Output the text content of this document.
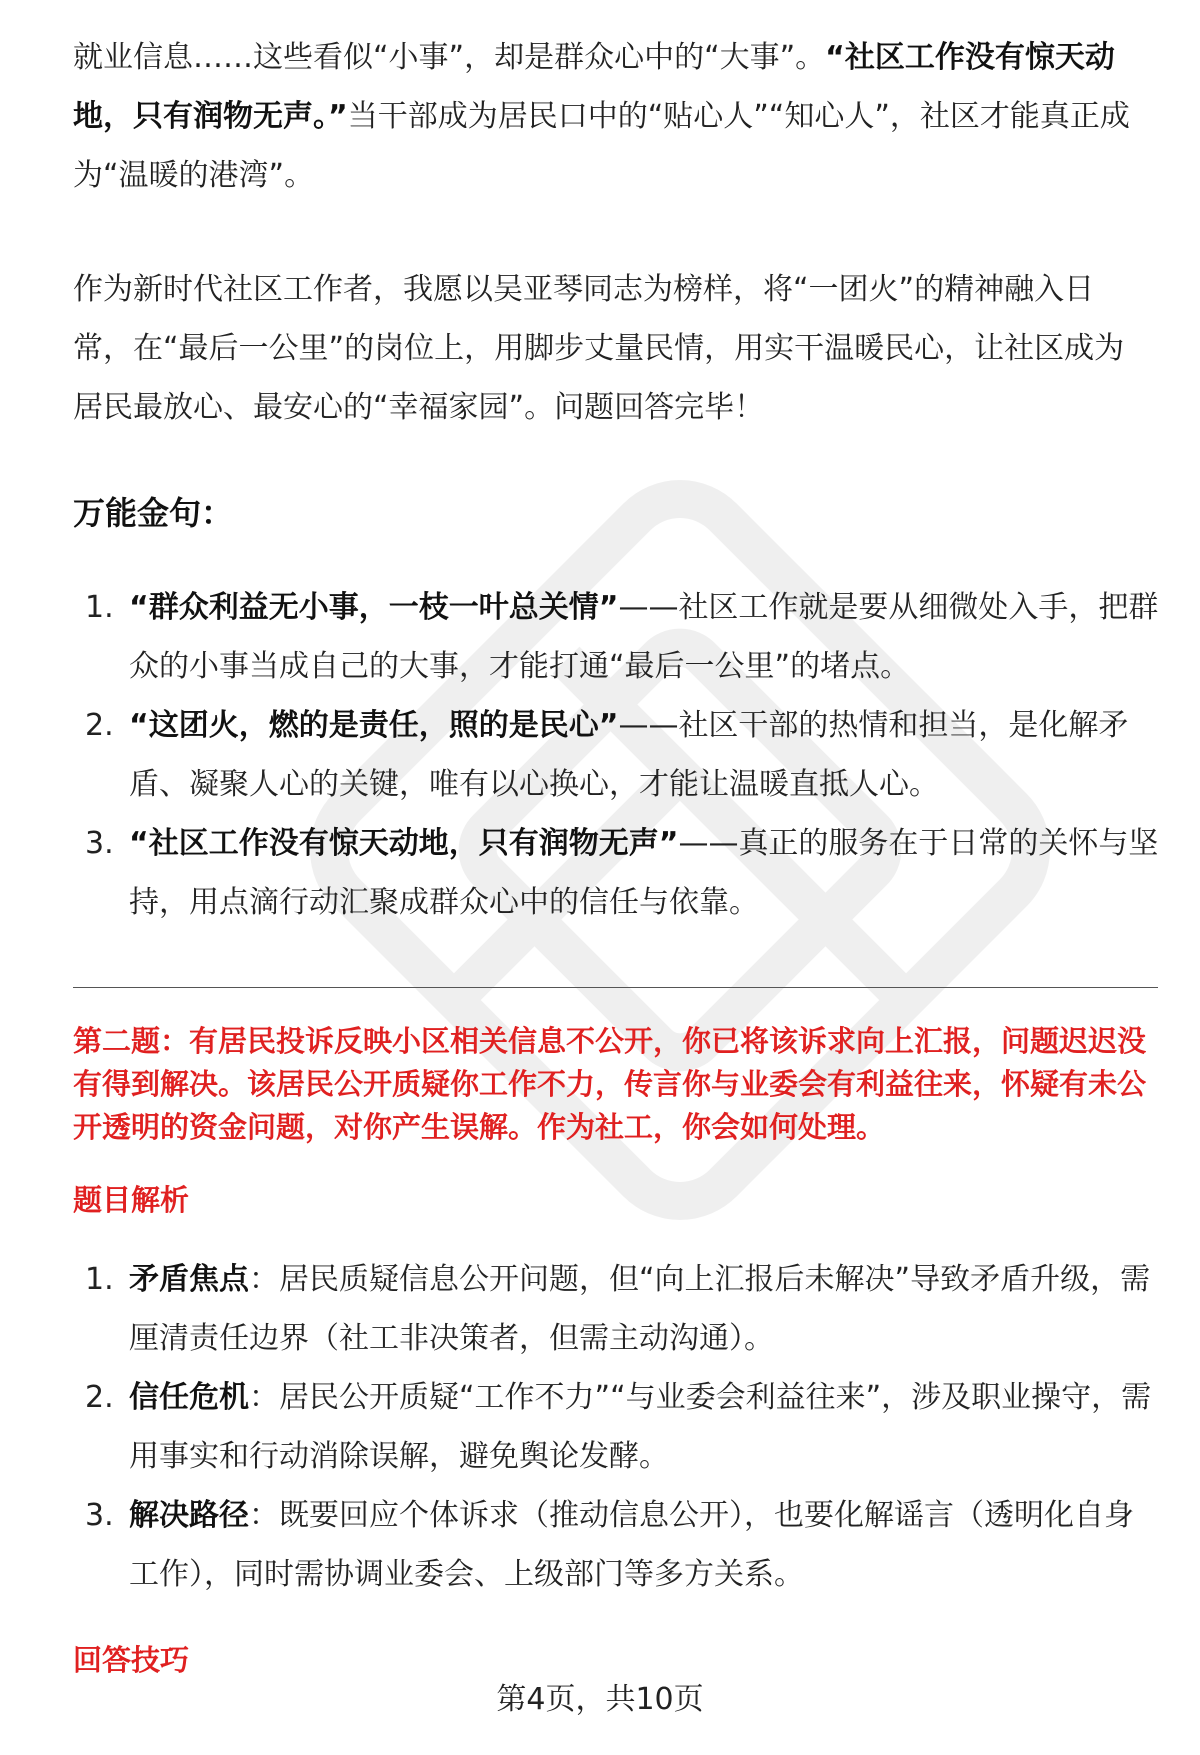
就业信息……这些看似“小事”，却是群众心中的“大事”。“社区工作没有惊天动地，只有润物无声。”当干部成为居民口中的“贴心人”“知心人”，社区才能真正成为“温暖的港湾”。

作为新时代社区工作者，我愿以吴亚琴同志为榜样，将“一团火”的精神融入日常，在“最后一公里”的岗位上，用脚步丈量民情，用实干温暖民心，让社区成为居民最放心、最安心的“幸福家园”。问题回答完毕！

万能金句：
1. “群众利益无小事，一枝一叶总关情”——社区工作就是要从细微处入手，把群众的小事当成自己的大事，才能打通“最后一公里”的堵点。
2. “这团火，燃的是责任，照的是民心”——社区干部的热情和担当，是化解矛盾、凝聚人心的关键，唯有以心换心，才能让温暖直抵人心。
3. “社区工作没有惊天动地，只有润物无声”——真正的服务在于日常的关怀与坚持，用点滴行动汇聚成群众心中的信任与依靠。

第二题：有居民投诉反映小区相关信息不公开，你已将该诉求向上汇报，问题迟迟没有得到解决。该居民公开质疑你工作不力，传言你与业委会有利益往来，怀疑有未公开透明的资金问题，对你产生误解。作为社工，你会如何处理。

题目解析
1. 矛盾焦点：居民质疑信息公开问题，但“向上汇报后未解决”导致矛盾升级，需厘清责任边界（社工非决策者，但需主动沟通）。
2. 信任危机：居民公开质疑“工作不力”“与业委会利益往来”，涉及职业操守，需用事实和行动消除误解，避免舆论发酵。
3. 解决路径：既要回应个体诉求（推动信息公开），也要化解谣言（透明化自身工作），同时需协调业委会、上级部门等多方关系。
回答技巧
第4页，共10页
